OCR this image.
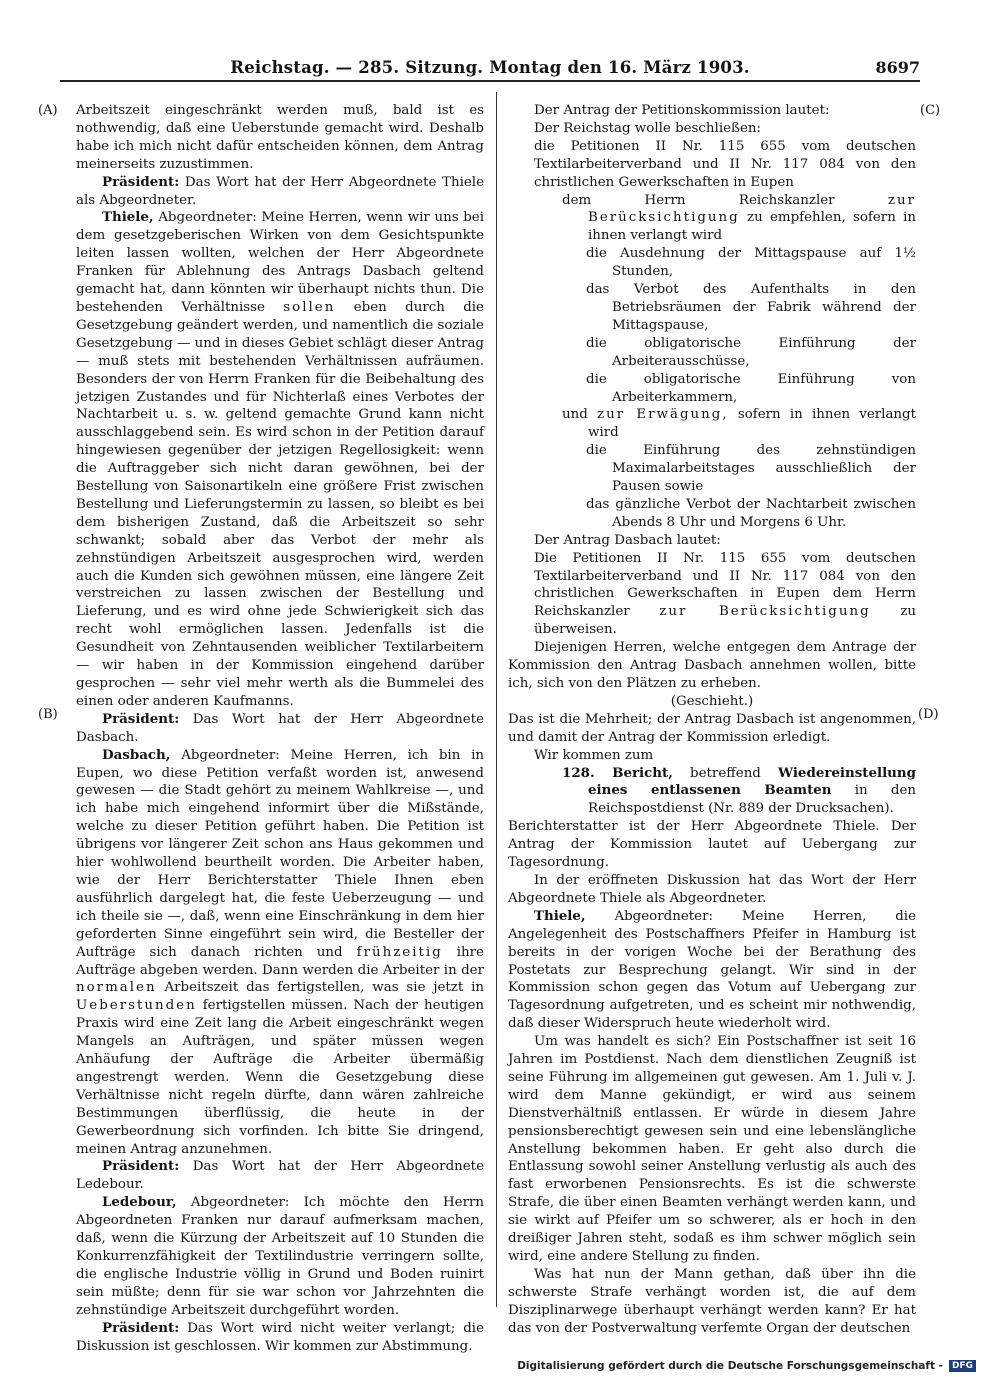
Reichstag. — 285. Sitzung. Montag den 16. März 1903.	8697
(A)
(B)
(C)
(D)

Arbeitszeit eingeschränkt werden muß, bald ist es nothwendig, daß eine Ueberstunde gemacht wird. Deshalb habe ich mich nicht dafür entscheiden können, dem Antrag meinerseits zuzustimmen.

Präsident: Das Wort hat der Herr Abgeordnete Thiele als Abgeordneter.

Thiele, Abgeordneter: Meine Herren, wenn wir uns bei dem gesetzgeberischen Wirken von dem Gesichtspunkte leiten lassen wollten, welchen der Herr Abgeordnete Franken für Ablehnung des Antrags Dasbach geltend gemacht hat, dann könnten wir überhaupt nichts thun. Die bestehenden Verhältnisse sollen eben durch die Gesetzgebung geändert werden, und namentlich die soziale Gesetzgebung — und in dieses Gebiet schlägt dieser Antrag — muß stets mit bestehenden Verhältnissen aufräumen. Besonders der von Herrn Franken für die Beibehaltung des jetzigen Zustandes und für Nichterlaß eines Verbotes der Nachtarbeit u. s. w. geltend gemachte Grund kann nicht ausschlaggebend sein. Es wird schon in der Petition darauf hingewiesen gegenüber der jetzigen Regellosigkeit: wenn die Auftraggeber sich nicht daran gewöhnen, bei der Bestellung von Saisonartikeln eine größere Frist zwischen Bestellung und Lieferungstermin zu lassen, so bleibt es bei dem bisherigen Zustand, daß die Arbeitszeit so sehr schwankt; sobald aber das Verbot der mehr als zehnstündigen Arbeitszeit ausgesprochen wird, werden auch die Kunden sich gewöhnen müssen, eine längere Zeit verstreichen zu lassen zwischen der Bestellung und Lieferung, und es wird ohne jede Schwierigkeit sich das recht wohl ermöglichen lassen. Jedenfalls ist die Gesundheit von Zehntausenden weiblicher Textilarbeitern — wir haben in der Kommission eingehend darüber gesprochen — sehr viel mehr werth als die Bummelei des einen oder anderen Kaufmanns.

Präsident: Das Wort hat der Herr Abgeordnete Dasbach.

Dasbach, Abgeordneter: Meine Herren, ich bin in Eupen, wo diese Petition verfaßt worden ist, anwesend gewesen — die Stadt gehört zu meinem Wahlkreise —, und ich habe mich eingehend informirt über die Mißstände, welche zu dieser Petition geführt haben. Die Petition ist übrigens vor längerer Zeit schon ans Haus gekommen und hier wohlwollend beurtheilt worden. Die Arbeiter haben, wie der Herr Berichterstatter Thiele Ihnen eben ausführlich dargelegt hat, die feste Ueberzeugung — und ich theile sie —, daß, wenn eine Einschränkung in dem hier geforderten Sinne eingeführt sein wird, die Besteller der Aufträge sich danach richten und frühzeitig ihre Aufträge abgeben werden. Dann werden die Arbeiter in der normalen Arbeitszeit das fertigstellen, was sie jetzt in Ueberstunden fertigstellen müssen. Nach der heutigen Praxis wird eine Zeit lang die Arbeit eingeschränkt wegen Mangels an Aufträgen, und später müssen wegen Anhäufung der Aufträge die Arbeiter übermäßig angestrengt werden. Wenn die Gesetzgebung diese Verhältnisse nicht regeln dürfte, dann wären zahlreiche Bestimmungen überflüssig, die heute in der Gewerbeordnung sich vorfinden. Ich bitte Sie dringend, meinen Antrag anzunehmen.

Präsident: Das Wort hat der Herr Abgeordnete Ledebour.

Ledebour, Abgeordneter: Ich möchte den Herrn Abgeordneten Franken nur darauf aufmerksam machen, daß, wenn die Kürzung der Arbeitszeit auf 10 Stunden die Konkurrenzfähigkeit der Textilindustrie verringern sollte, die englische Industrie völlig in Grund und Boden ruinirt sein müßte; denn für sie war schon vor Jahrzehnten die zehnstündige Arbeitszeit durchgeführt worden.

Präsident: Das Wort wird nicht weiter verlangt; die Diskussion ist geschlossen. Wir kommen zur Abstimmung.

Der Antrag der Petitionskommission lautet:

Der Reichstag wolle beschließen:

die Petitionen II Nr. 115 655 vom deutschen Textilarbeiterverband und II Nr. 117 084 von den christlichen Gewerkschaften in Eupen

dem Herrn Reichskanzler	zur Berücksichtigung zu empfehlen, sofern in ihnen verlangt wird

die Ausdehnung der Mittagspause auf 1½ Stunden,

das Verbot des Aufenthalts in den Betriebsräumen der Fabrik während der Mittagspause,

die obligatorische Einführung der Arbeiterausschüsse,

die obligatorische Einführung von Arbeiterkammern,

und zur Erwägung, sofern in ihnen verlangt wird

die Einführung des zehnstündigen Maximalarbeitstages ausschließlich der Pausen sowie

das gänzliche Verbot der Nachtarbeit zwischen Abends 8 Uhr und Morgens 6 Uhr.

Der Antrag Dasbach lautet:

Die Petitionen II Nr. 115 655 vom deutschen Textilarbeiterverband und II Nr. 117 084 von den christlichen Gewerkschaften in Eupen dem Herrn Reichskanzler zur Berücksichtigung zu überweisen.

Diejenigen Herren, welche entgegen dem Antrage der Kommission den Antrag Dasbach annehmen wollen, bitte ich, sich von den Plätzen zu erheben.

(Geschieht.)

Das ist die Mehrheit; der Antrag Dasbach ist angenommen, und damit der Antrag der Kommission erledigt.

Wir kommen zum

128. Bericht, betreffend Wiedereinstellung eines entlassenen Beamten in den Reichspostdienst (Nr. 889 der Drucksachen).

Berichterstatter ist der Herr Abgeordnete Thiele. Der Antrag der Kommission lautet auf Uebergang zur Tagesordnung.

In der eröffneten Diskussion hat das Wort der Herr Abgeordnete Thiele als Abgeordneter.

Thiele, Abgeordneter: Meine Herren, die Angelegenheit des Postschaffners Pfeifer in Hamburg ist bereits in der vorigen Woche bei der Berathung des Postetats zur Besprechung gelangt. Wir sind in der Kommission schon gegen das Votum auf Uebergang zur Tagesordnung aufgetreten, und es scheint mir nothwendig, daß dieser Widerspruch heute wiederholt wird.

Um was handelt es sich? Ein Postschaffner ist seit 16 Jahren im Postdienst. Nach dem dienstlichen Zeugniß ist seine Führung im allgemeinen gut gewesen. Am 1. Juli v. J. wird dem Manne gekündigt, er wird aus seinem Dienstverhältniß entlassen. Er würde in diesem Jahre pensionsberechtigt gewesen sein und eine lebenslängliche Anstellung bekommen haben. Er geht also durch die Entlassung sowohl seiner Anstellung verlustig als auch des fast erworbenen Pensionsrechts. Es ist die schwerste Strafe, die über einen Beamten verhängt werden kann, und sie wirkt auf Pfeifer um so schwerer, als er hoch in den dreißiger Jahren steht, sodaß es ihm schwer möglich sein wird, eine andere Stellung zu finden.

Was hat nun der Mann gethan, daß über ihn die schwerste Strafe verhängt worden ist, die auf dem Disziplinarwege überhaupt verhängt werden kann? Er hat das von der Postverwaltung verfemte Organ der deutschen

Digitalisierung gefördert durch die Deutsche Forschungsgemeinschaft -	DFG
